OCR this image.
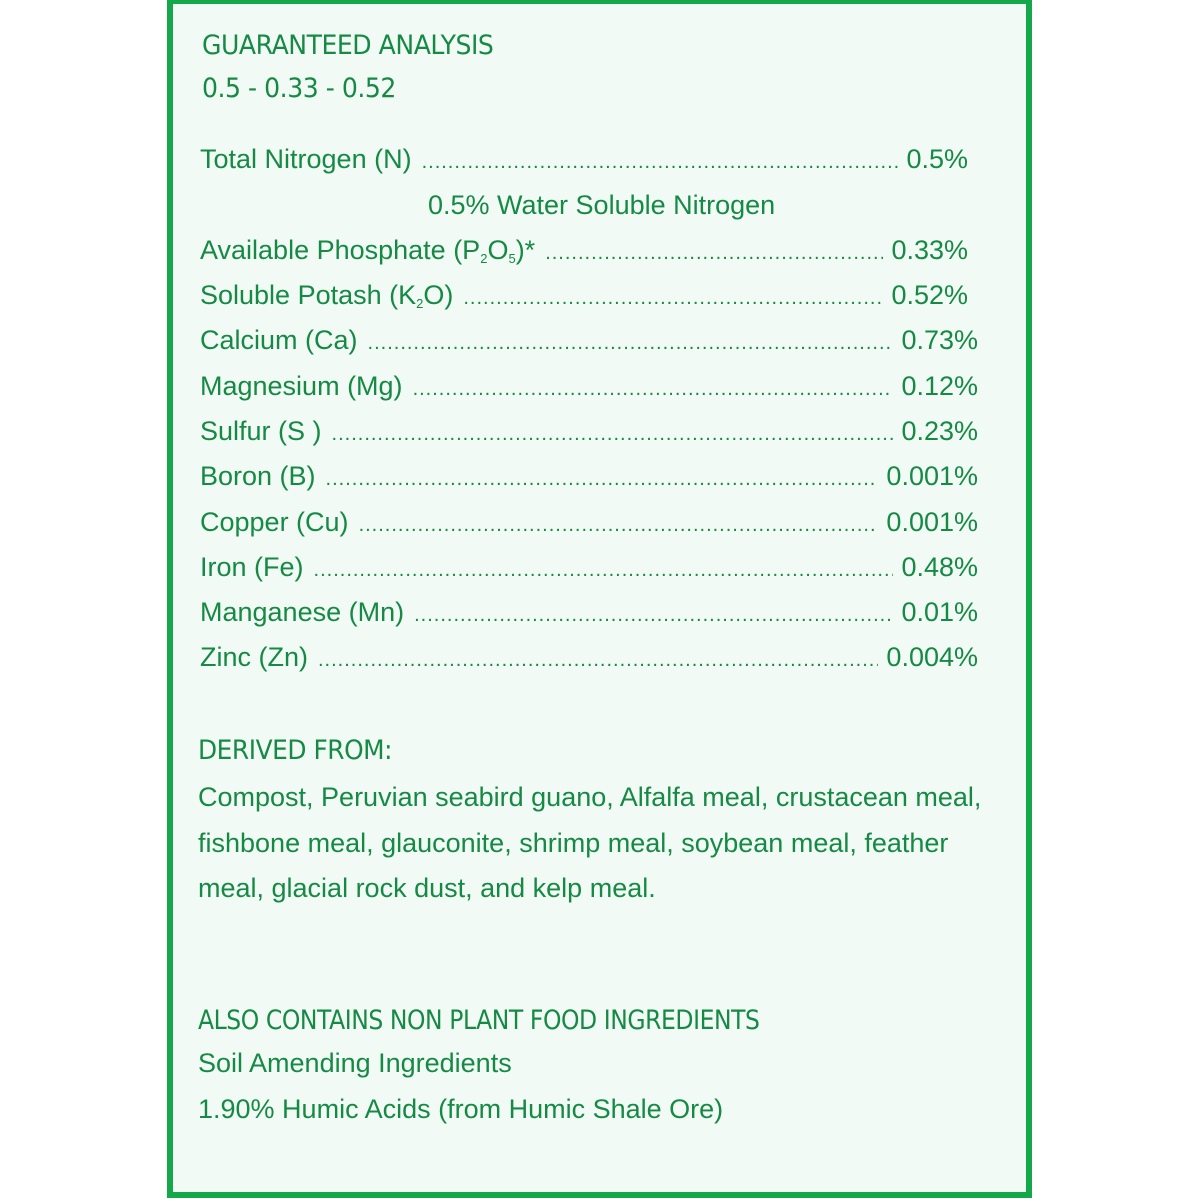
GUARANTEED ANALYSIS
0.5 - 0.33 - 0.52
Total Nitrogen (N) .....	0.5%
0.5% Water Soluble Nitrogen
Available Phosphate $(P_2O_5)*$ .....	0.33%
Soluble Potash $(K_2O)$ .....	0.52%
Calcium (Ca) .....	0.73%
Magnesium (Mg) .....	0.12%
Sulfur (S ) .....	0.23%
Boron (B) .....	0.001%
Copper (Cu) .....	0.001%
Iron (Fe) .....	0.48%
Manganese (Mn) .....	0.01%
Zinc (Zn) .....	0.004%
DERIVED FROM:
Compost, Peruvian seabird guano, Alfalfa meal, crustacean meal, fishbone meal, glauconite, shrimp meal, soybean meal, feather meal, glacial rock dust, and kelp meal.
ALSO CONTAINS NON PLANT FOOD INGREDIENTS
Soil Amending Ingredients
1.90% Humic Acids (from Humic Shale Ore)
